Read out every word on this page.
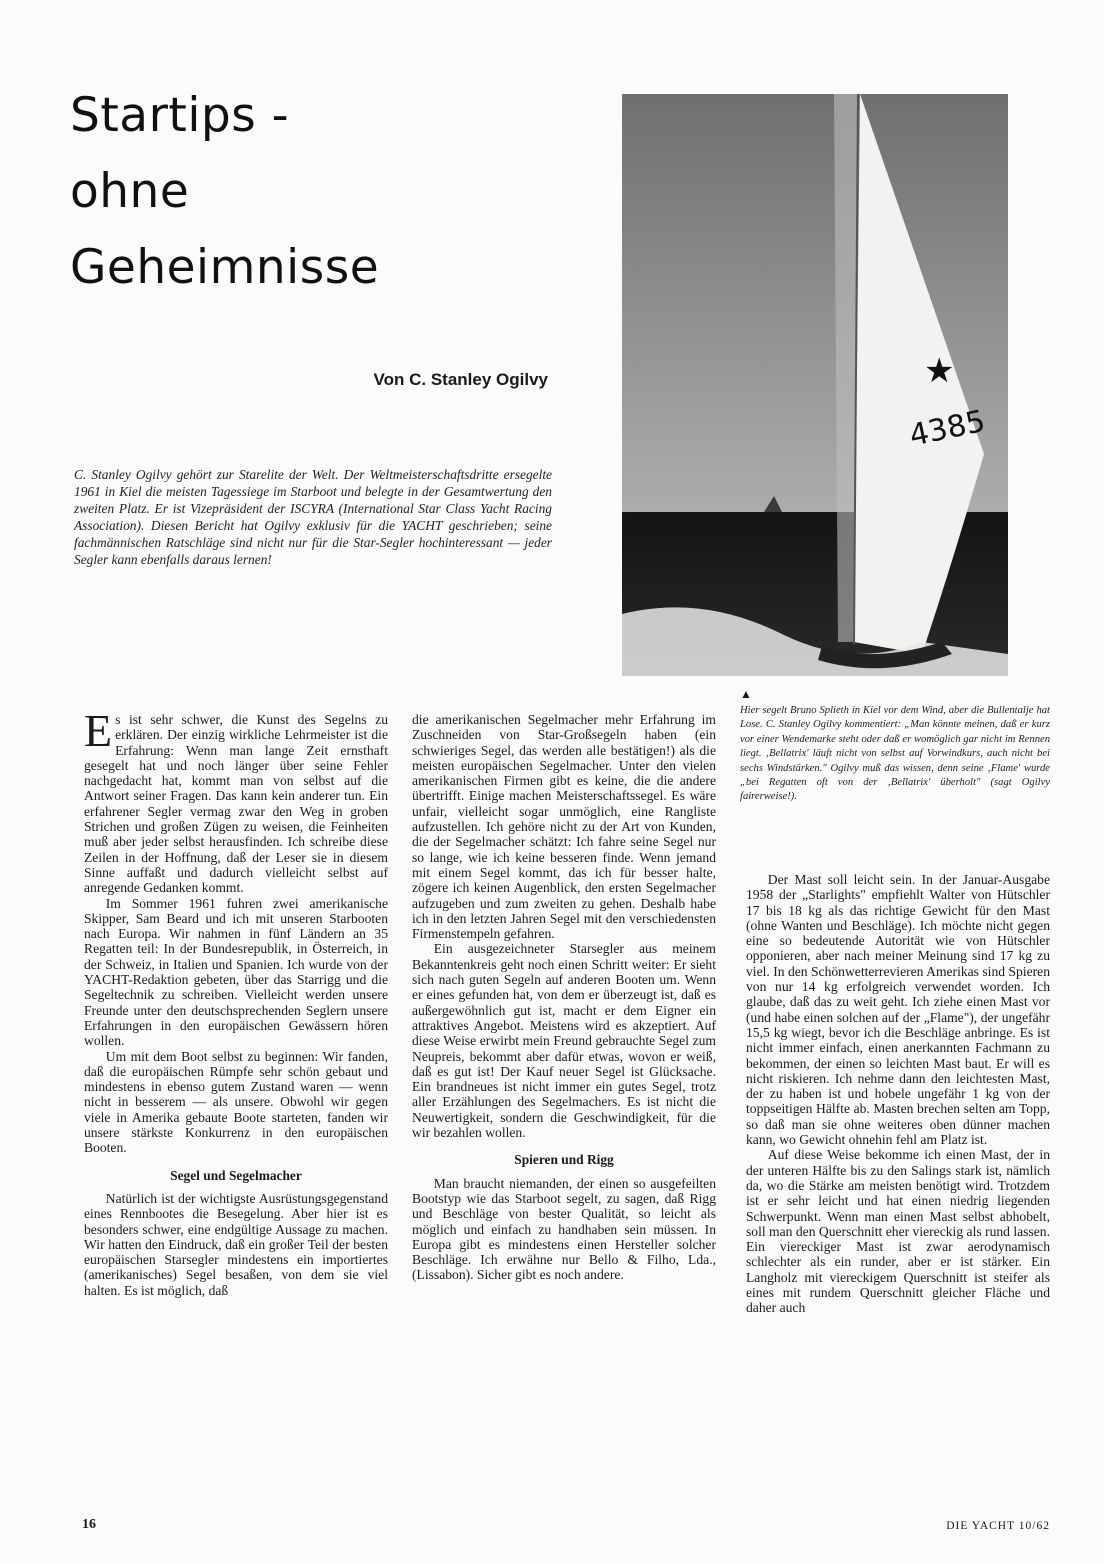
Startips -
ohne
Geheimnisse
Von C. Stanley Ogilvy

C. Stanley Ogilvy gehört zur Starelite der Welt. Der Weltmeisterschaftsdritte ersegelte 1961 in Kiel die meisten Tagessiege im Starboot und belegte in der Gesamtwertung den zweiten Platz. Er ist Vizepräsident der ISCYRA (International Star Class Yacht Racing Association). Diesen Bericht hat Ogilvy exklusiv für die YACHT geschrieben; seine fachmännischen Ratschläge sind nicht nur für die Star-Segler hochinteressant — jeder Segler kann ebenfalls daraus lernen!

★
4385
▲

Hier segelt Bruno Splieth in Kiel vor dem Wind, aber die Bullentalje hat Lose. C. Stanley Ogilvy kommentiert: „Man könnte meinen, daß er kurz vor einer Wendemarke steht oder daß er womöglich gar nicht im Rennen liegt. ‚Bellatrix' läuft nicht von selbst auf Vorwindkurs, auch nicht bei sechs Windstärken." Ogilvy muß das wissen, denn seine ‚Flame' wurde „bei Regatten oft von der ‚Bellatrix' überholt" (sagt Ogilvy fairerweise!).

Es ist sehr schwer, die Kunst des Segelns zu erklären. Der einzig wirkliche Lehrmeister ist die Erfahrung: Wenn man lange Zeit ernsthaft gesegelt hat und noch länger über seine Fehler nachgedacht hat, kommt man von selbst auf die Antwort seiner Fragen. Das kann kein anderer tun. Ein erfahrener Segler vermag zwar den Weg in groben Strichen und großen Zügen zu weisen, die Feinheiten muß aber jeder selbst herausfinden. Ich schreibe diese Zeilen in der Hoffnung, daß der Leser sie in diesem Sinne auffaßt und dadurch vielleicht selbst auf anregende Gedanken kommt.

Im Sommer 1961 fuhren zwei amerikanische Skipper, Sam Beard und ich mit unseren Starbooten nach Europa. Wir nahmen in fünf Ländern an 35 Regatten teil: In der Bundesrepublik, in Österreich, in der Schweiz, in Italien und Spanien. Ich wurde von der YACHT-Redaktion gebeten, über das Starrigg und die Segeltechnik zu schreiben. Vielleicht werden unsere Freunde unter den deutschsprechenden Seglern unsere Erfahrungen in den europäischen Gewässern hören wollen.

Um mit dem Boot selbst zu beginnen: Wir fanden, daß die europäischen Rümpfe sehr schön gebaut und mindestens in ebenso gutem Zustand waren — wenn nicht in besserem — als unsere. Obwohl wir gegen viele in Amerika gebaute Boote starteten, fanden wir unsere stärkste Konkurrenz in den europäischen Booten.

Segel und Segelmacher

Natürlich ist der wichtigste Ausrüstungsgegenstand eines Rennbootes die Besegelung. Aber hier ist es besonders schwer, eine endgültige Aussage zu machen. Wir hatten den Eindruck, daß ein großer Teil der besten europäischen Starsegler mindestens ein importiertes (amerikanisches) Segel besaßen, von dem sie viel halten. Es ist möglich, daß

die amerikanischen Segelmacher mehr Erfahrung im Zuschneiden von Star-Großsegeln haben (ein schwieriges Segel, das werden alle bestätigen!) als die meisten europäischen Segelmacher. Unter den vielen amerikanischen Firmen gibt es keine, die die andere übertrifft. Einige machen Meisterschaftssegel. Es wäre unfair, vielleicht sogar unmöglich, eine Rangliste aufzustellen. Ich gehöre nicht zu der Art von Kunden, die der Segelmacher schätzt: Ich fahre seine Segel nur so lange, wie ich keine besseren finde. Wenn jemand mit einem Segel kommt, das ich für besser halte, zögere ich keinen Augenblick, den ersten Segelmacher aufzugeben und zum zweiten zu gehen. Deshalb habe ich in den letzten Jahren Segel mit den verschiedensten Firmenstempeln gefahren.

Ein ausgezeichneter Starsegler aus meinem Bekanntenkreis geht noch einen Schritt weiter: Er sieht sich nach guten Segeln auf anderen Booten um. Wenn er eines gefunden hat, von dem er überzeugt ist, daß es außergewöhnlich gut ist, macht er dem Eigner ein attraktives Angebot. Meistens wird es akzeptiert. Auf diese Weise erwirbt mein Freund gebrauchte Segel zum Neupreis, bekommt aber dafür etwas, wovon er weiß, daß es gut ist! Der Kauf neuer Segel ist Glücksache. Ein brandneues ist nicht immer ein gutes Segel, trotz aller Erzählungen des Segelmachers. Es ist nicht die Neuwertigkeit, sondern die Geschwindigkeit, für die wir bezahlen wollen.

Spieren und Rigg

Man braucht niemanden, der einen so ausgefeilten Bootstyp wie das Starboot segelt, zu sagen, daß Rigg und Beschläge von bester Qualität, so leicht als möglich und einfach zu handhaben sein müssen. In Europa gibt es mindestens einen Hersteller solcher Beschläge. Ich erwähne nur Bello & Filho, Lda., (Lissabon). Sicher gibt es noch andere.

Der Mast soll leicht sein. In der Januar-Ausgabe 1958 der „Starlights" empfiehlt Walter von Hütschler 17 bis 18 kg als das richtige Gewicht für den Mast (ohne Wanten und Beschläge). Ich möchte nicht gegen eine so bedeutende Autorität wie von Hütschler opponieren, aber nach meiner Meinung sind 17 kg zu viel. In den Schönwetterrevieren Amerikas sind Spieren von nur 14 kg erfolgreich verwendet worden. Ich glaube, daß das zu weit geht. Ich ziehe einen Mast vor (und habe einen solchen auf der „Flame"), der ungefähr 15,5 kg wiegt, bevor ich die Beschläge anbringe. Es ist nicht immer einfach, einen anerkannten Fachmann zu bekommen, der einen so leichten Mast baut. Er will es nicht riskieren. Ich nehme dann den leichtesten Mast, der zu haben ist und hobele ungefähr 1 kg von der toppseitigen Hälfte ab. Masten brechen selten am Topp, so daß man sie ohne weiteres oben dünner machen kann, wo Gewicht ohnehin fehl am Platz ist.

Auf diese Weise bekomme ich einen Mast, der in der unteren Hälfte bis zu den Salings stark ist, nämlich da, wo die Stärke am meisten benötigt wird. Trotzdem ist er sehr leicht und hat einen niedrig liegenden Schwerpunkt. Wenn man einen Mast selbst abhobelt, soll man den Querschnitt eher viereckig als rund lassen. Ein viereckiger Mast ist zwar aerodynamisch schlechter als ein runder, aber er ist stärker. Ein Langholz mit viereckigem Querschnitt ist steifer als eines mit rundem Querschnitt gleicher Fläche und daher auch

16	DIE YACHT 10/62
